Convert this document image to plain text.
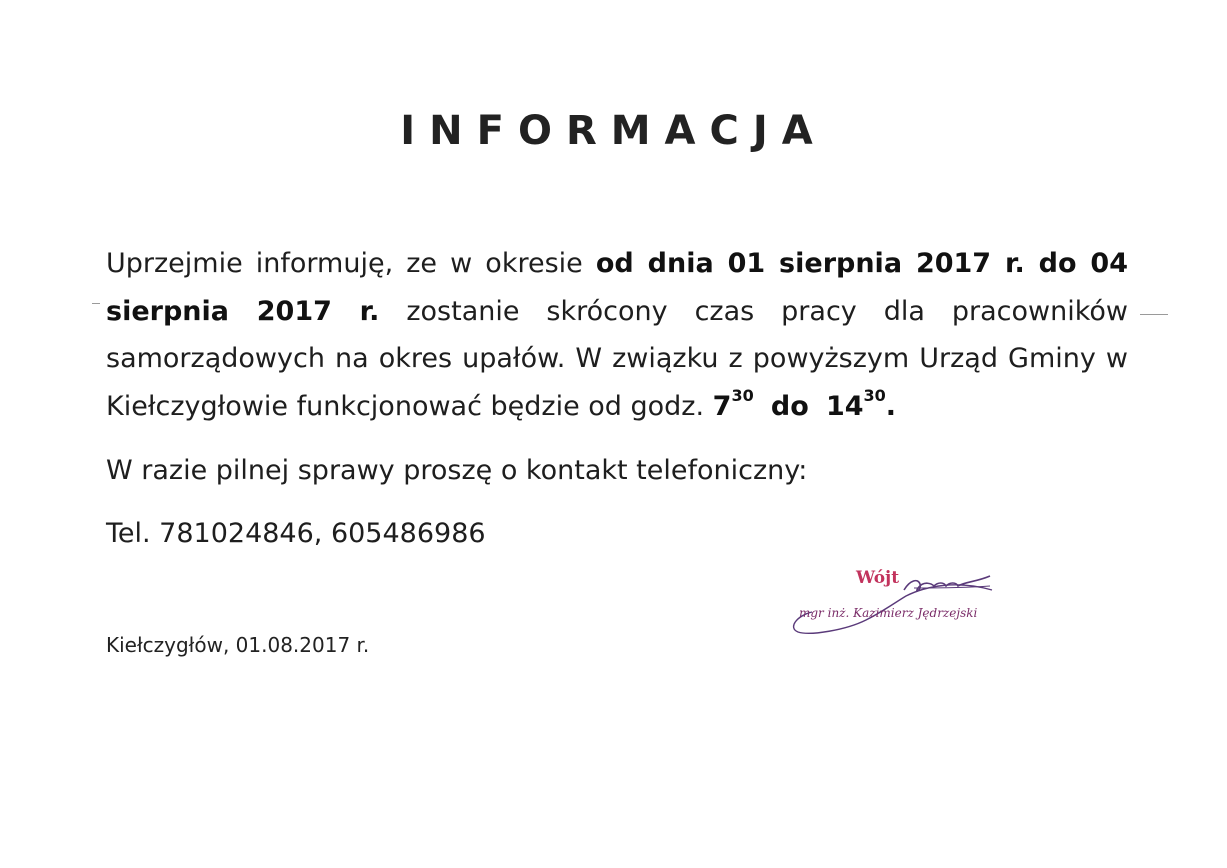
INFORMACJA
Uprzejmie informuję, ze w okresie od dnia 01 sierpnia 2017 r. do 04 sierpnia 2017 r. zostanie skrócony czas pracy dla pracowników samorządowych na okres upałów. W związku z powyższym Urząd Gminy w Kiełczygłowie funkcjonować będzie od godz. $7^{30}$ do $14^{30}$.
W razie pilnej sprawy proszę o kontakt telefoniczny:
Tel. 781024846, 605486986
Wójt
mgr inż. Kazimierz Jędrzejski
Kiełczygłów, 01.08.2017 r.
